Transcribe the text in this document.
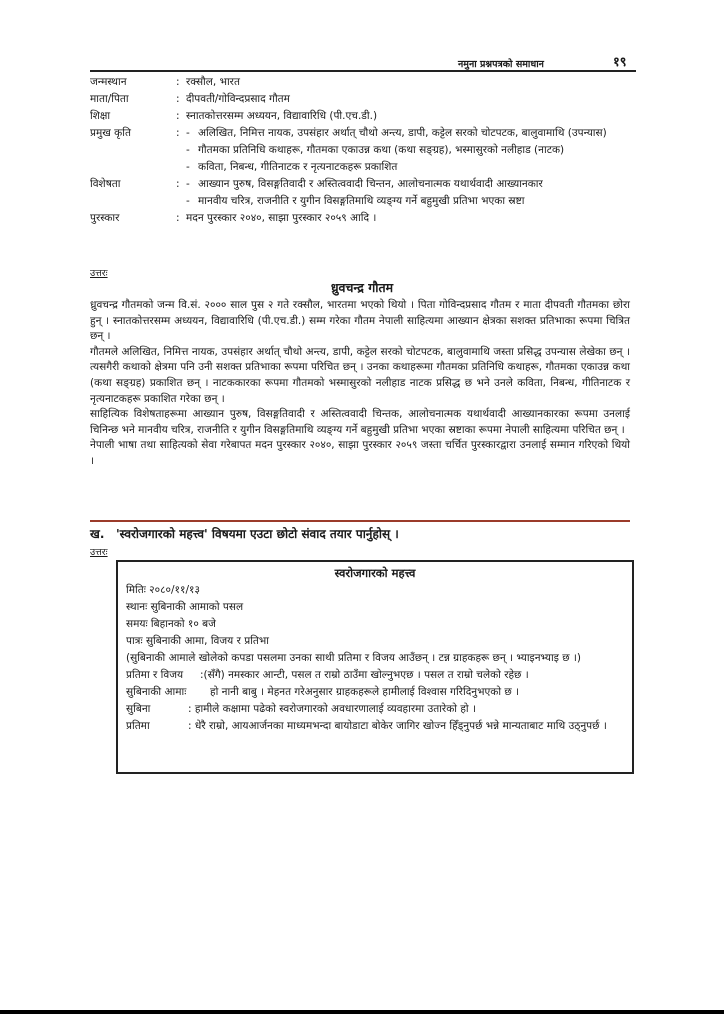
नमुना प्रश्नपत्रको समाधान	१९
जन्मस्थान	: रक्सौल, भारत
माता/पिता	: दीपवती/गोविन्दप्रसाद गौतम
शिक्षा	: स्नातकोत्तरसम्म अध्ययन, विद्यावारिधि (पी.एच.डी.)
प्रमुख कृति	: - अलिखित, निमित्त नायक, उपसंहार अर्थात् चौथो अन्त्य, डापी, कट्टेल सरको चोटपटक, बालुवामाथि (उपन्यास)
- गौतमका प्रतिनिधि कथाहरू, गौतमका एकाउन्न कथा (कथा सङ्ग्रह), भस्मासुरको नलीहाड (नाटक)
- कविता, निबन्ध, गीतिनाटक र नृत्यनाटकहरू प्रकाशित
विशेषता	: - आख्यान पुरुष, विसङ्गतिवादी र अस्तित्ववादी चिन्तन, आलोचनात्मक यथार्थवादी आख्यानकार
- मानवीय चरित्र, राजनीति र युगीन विसङ्गतिमाथि व्यङ्ग्य गर्ने बहुमुखी प्रतिभा भएका स्रष्टा
पुरस्कार	: मदन पुरस्कार २०४०, साझा पुरस्कार २०५९ आदि ।
उत्तरः
ध्रुवचन्द्र गौतम

ध्रुवचन्द्र गौतमको जन्म वि.सं. २००० साल पुस २ गते रक्सौल, भारतमा भएको थियो । पिता गोविन्दप्रसाद गौतम र माता दीपवती गौतमका छोरा हुन् । स्नातकोत्तरसम्म अध्ययन, विद्यावारिधि (पी.एच.डी.) सम्म गरेका गौतम नेपाली साहित्यमा आख्यान क्षेत्रका सशक्त प्रतिभाका रूपमा चित्रित छन् ।

गौतमले अलिखित, निमित्त नायक, उपसंहार अर्थात् चौथो अन्त्य, डापी, कट्टेल सरको चोटपटक, बालुवामाथि जस्ता प्रसिद्ध उपन्यास लेखेका छन् । त्यसगैरी कथाको क्षेत्रमा पनि उनी सशक्त प्रतिभाका रूपमा परिचित छन् । उनका कथाहरूमा गौतमका प्रतिनिधि कथाहरू, गौतमका एकाउन्न कथा (कथा सङ्ग्रह) प्रकाशित छन् । नाटककारका रूपमा गौतमको भस्मासुरको नलीहाड नाटक प्रसिद्ध छ भने उनले कविता, निबन्ध, गीतिनाटक र नृत्यनाटकहरू प्रकाशित गरेका छन् ।

साहित्यिक विशेषताहरूमा आख्यान पुरुष, विसङ्गतिवादी र अस्तित्ववादी चिन्तक, आलोचनात्मक यथार्थवादी आख्यानकारका रूपमा उनलाई चिनिन्छ भने मानवीय चरित्र, राजनीति र युगीन विसङ्गतिमाथि व्यङ्ग्य गर्ने बहुमुखी प्रतिभा भएका स्रष्टाका रूपमा नेपाली साहित्यमा परिचित छन् ।

नेपाली भाषा तथा साहित्यको सेवा गरेबापत मदन पुरस्कार २०४०, साझा पुरस्कार २०५९ जस्ता चर्चित पुरस्कारद्वारा उनलाई सम्मान गरिएको थियो ।

ख. 'स्वरोजगारको महत्त्व' विषयमा एउटा छोटो संवाद तयार पार्नुहोस् ।
उत्तरः
स्वरोजगारको महत्त्व
मितिः २०८०/११/१३
स्थानः सुबिनाकी आमाको पसल
समयः बिहानको १० बजे
पात्रः सुबिनाकी आमा, विजय र प्रतिभा
(सुबिनाकी आमाले खोलेको कपडा पसलमा उनका साथी प्रतिमा र विजय आउँछन् । टन्न ग्राहकहरू छन् । भ्याइनभ्याइ छ ।)
प्रतिमा र विजय	:(सँगै) नमस्कार आन्टी, पसल त राम्रो ठाउँमा खोल्नुभएछ । पसल त राम्रो चलेको रहेछ ।
सुबिनाकी आमाः	हो नानी बाबु । मेहनत गरेअनुसार ग्राहकहरूले हामीलाई विश्वास गरिदिनुभएको छ ।
सुबिना	: हामीले कक्षामा पढेको स्वरोजगारको अवधारणालाई व्यवहारमा उतारेको हो ।
प्रतिमा	: धेरै राम्रो, आयआर्जनका माध्यमभन्दा बायोडाटा बोकेर जागिर खोज्न हिँड्नुपर्छ भन्ने मान्यताबाट माथि उठ्नुपर्छ ।
